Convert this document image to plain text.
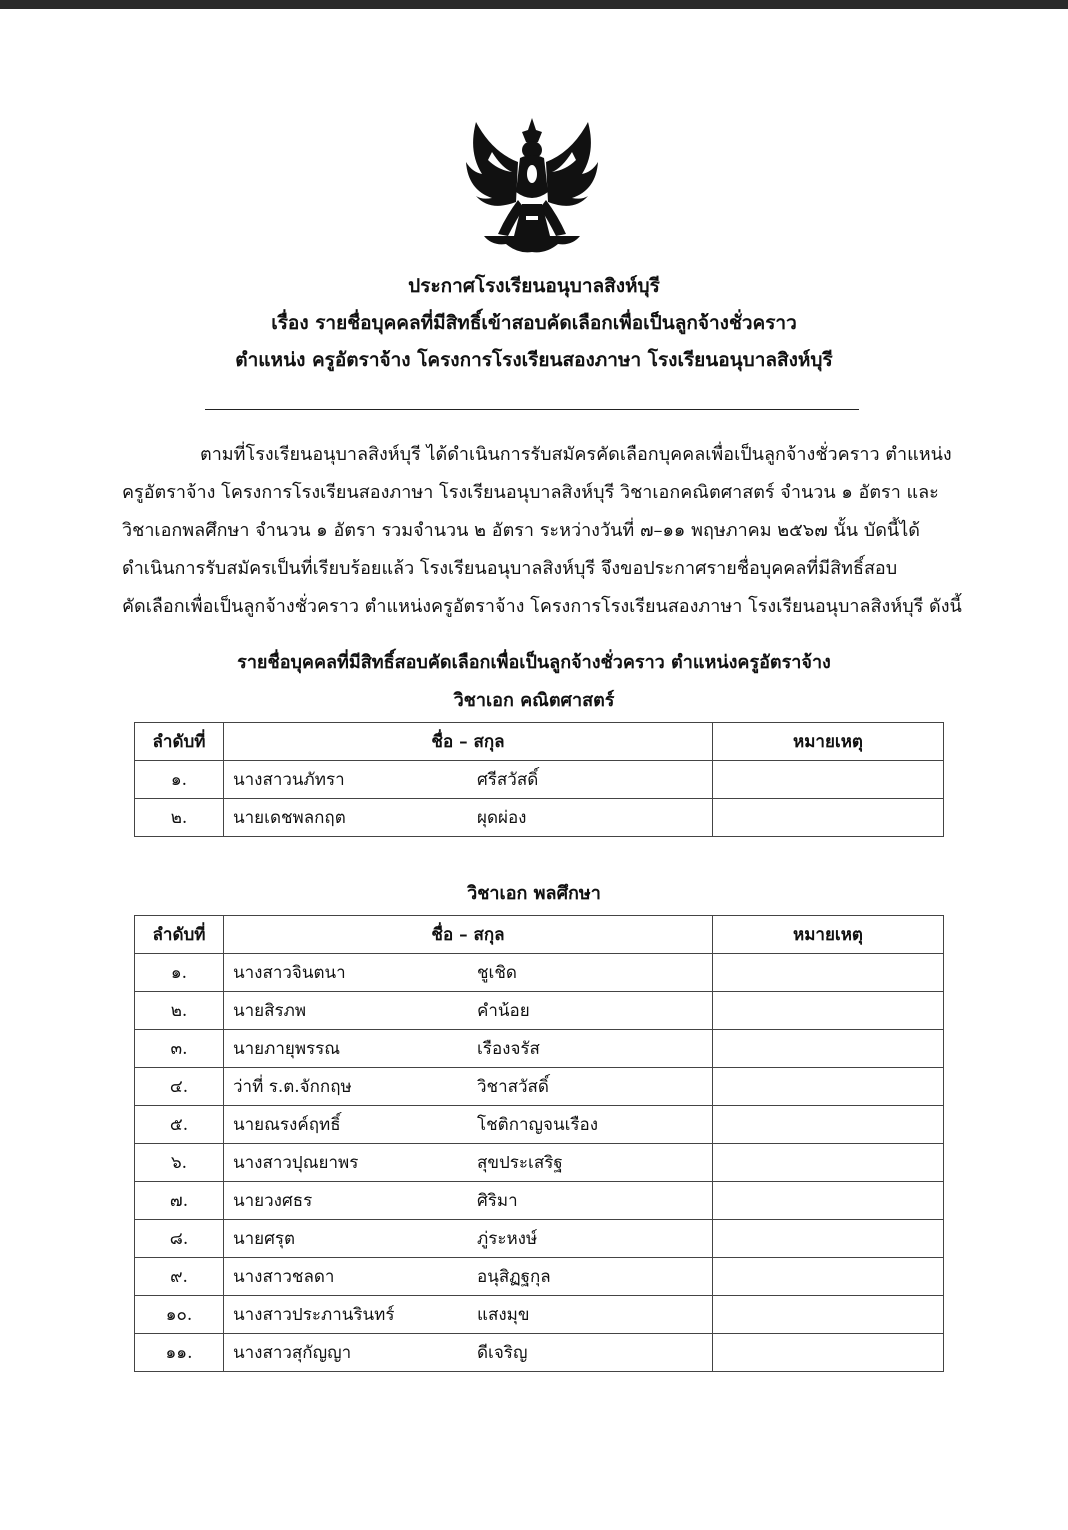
ประกาศโรงเรียนอนุบาลสิงห์บุรี
เรื่อง รายชื่อบุคคลที่มีสิทธิ์เข้าสอบคัดเลือกเพื่อเป็นลูกจ้างชั่วคราว
ตำแหน่ง ครูอัตราจ้าง โครงการโรงเรียนสองภาษา โรงเรียนอนุบาลสิงห์บุรี
ตามที่โรงเรียนอนุบาลสิงห์บุรี ได้ดำเนินการรับสมัครคัดเลือกบุคคลเพื่อเป็นลูกจ้างชั่วคราว ตำแหน่ง
ครูอัตราจ้าง โครงการโรงเรียนสองภาษา โรงเรียนอนุบาลสิงห์บุรี วิชาเอกคณิตศาสตร์ จำนวน ๑ อัตรา และ
วิชาเอกพลศึกษา จำนวน ๑ อัตรา รวมจำนวน ๒ อัตรา ระหว่างวันที่ ๗–๑๑ พฤษภาคม ๒๕๖๗ นั้น บัดนี้ได้
ดำเนินการรับสมัครเป็นที่เรียบร้อยแล้ว โรงเรียนอนุบาลสิงห์บุรี จึงขอประกาศรายชื่อบุคคลที่มีสิทธิ์สอบ
คัดเลือกเพื่อเป็นลูกจ้างชั่วคราว ตำแหน่งครูอัตราจ้าง โครงการโรงเรียนสองภาษา โรงเรียนอนุบาลสิงห์บุรี ดังนี้
รายชื่อบุคคลที่มีสิทธิ์สอบคัดเลือกเพื่อเป็นลูกจ้างชั่วคราว ตำแหน่งครูอัตราจ้าง
วิชาเอก คณิตศาสตร์
ลำดับที่	ชื่อ – สกุล		หมายเหตุ
๑.	นางสาวนภัทรา	ศรีสวัสดิ์	
๒.	นายเดชพลกฤต	ผุดผ่อง	
วิชาเอก พลศึกษา
ลำดับที่	ชื่อ – สกุล		หมายเหตุ
๑.	นางสาวจินตนา	ชูเชิด	
๒.	นายสิรภพ	คำน้อย	
๓.	นายภายุพรรณ	เรืองจรัส	
๔.	ว่าที่ ร.ต.จักกฤษ	วิชาสวัสดิ์	
๕.	นายณรงค์ฤทธิ์	โชติกาญจนเรือง	
๖.	นางสาวปุณยาพร	สุขประเสริฐ	
๗.	นายวงศธร	ศิริมา	
๘.	นายศรุต	ภู่ระหงษ์	
๙.	นางสาวชลดา	อนุสิฏฐกุล	
๑๐.	นางสาวประภานรินทร์	แสงมุข	
๑๑.	นางสาวสุกัญญา	ดีเจริญ	
